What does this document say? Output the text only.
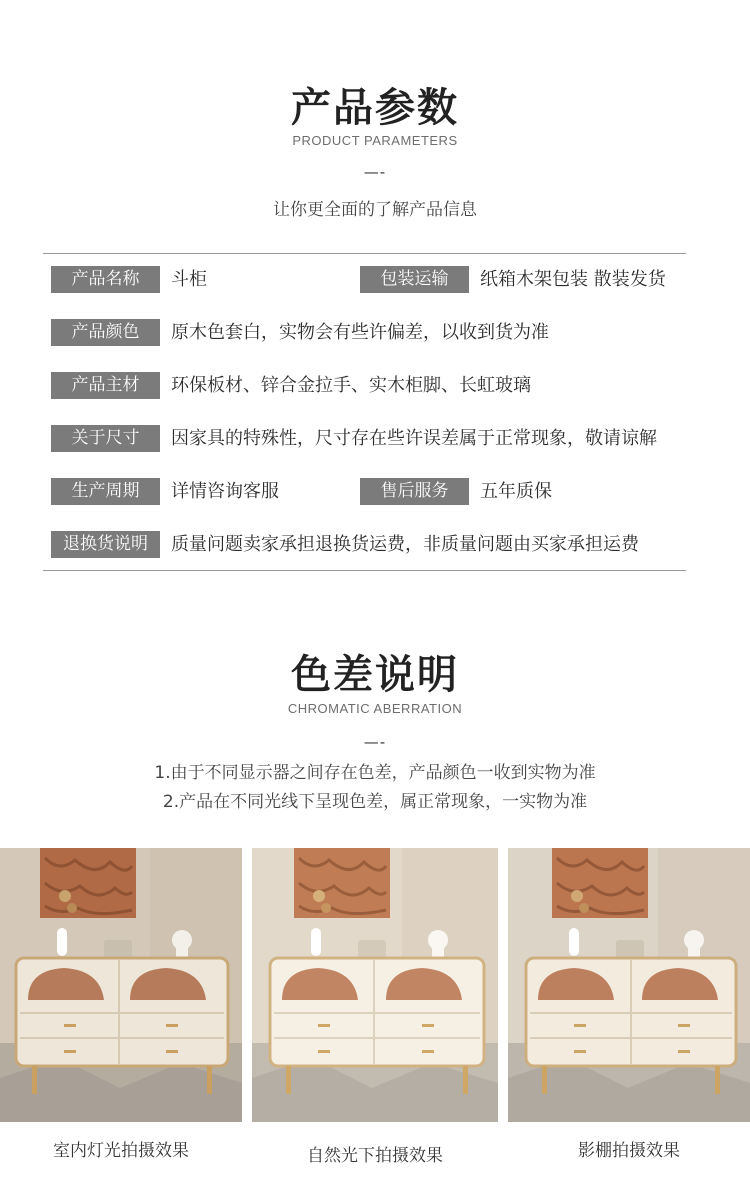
产品参数
PRODUCT PARAMETERS
—-
让你更全面的了解产品信息
产品名称	斗柜	包装运输	纸箱木架包装 散装发货
产品颜色	原木色套白，实物会有些许偏差，以收到货为准
产品主材	环保板材、锌合金拉手、实木柜脚、长虹玻璃
关于尺寸	因家具的特殊性，尺寸存在些许误差属于正常现象，敬请谅解
生产周期	详情咨询客服	售后服务	五年质保
退换货说明	质量问题卖家承担退换货运费，非质量问题由买家承担运费
色差说明
CHROMATIC ABERRATION
—-
1.由于不同显示器之间存在色差，产品颜色一收到实物为准
2.产品在不同光线下呈现色差，属正常现象，一实物为准
室内灯光拍摄效果	自然光下拍摄效果	影棚拍摄效果
